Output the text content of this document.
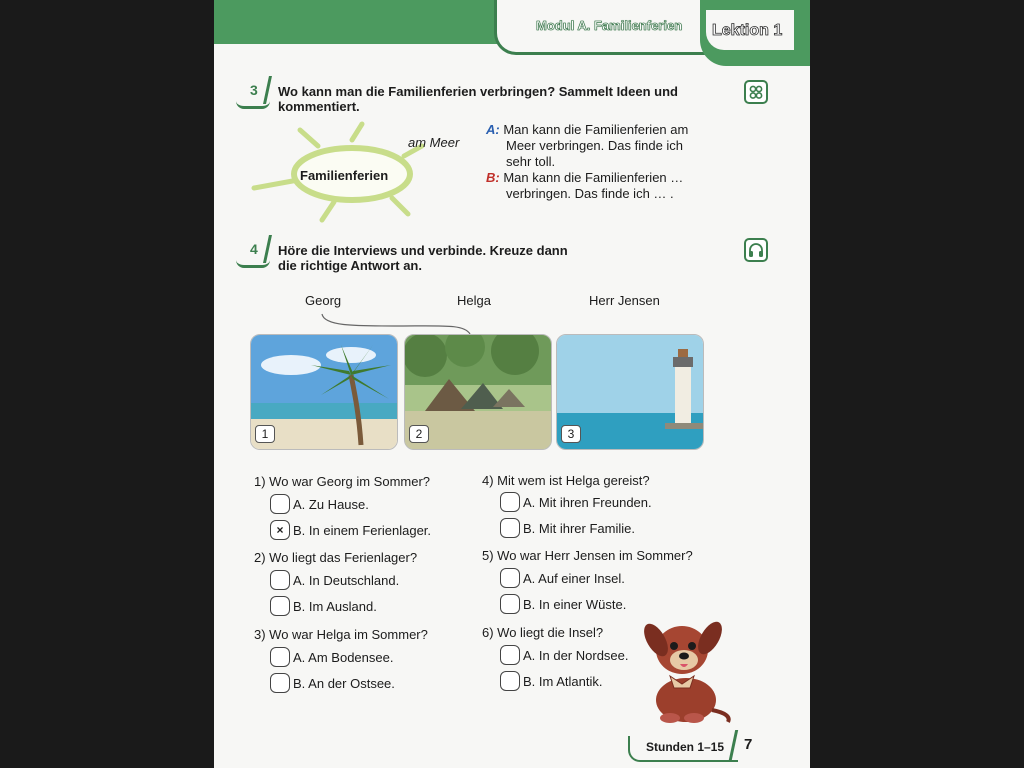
Modul A. Familienferien Lektion 1
3 Wo kann man die Familienferien verbringen? Sammelt Ideen und
kommentiert.
Familienferien
am Meer
A: Man kann die Familienferien am
Meer verbringen. Das finde ich
sehr toll.
B: Man kann die Familienferien …
verbringen. Das finde ich … .
4 Höre die Interviews und verbinde. Kreuze dann
die richtige Antwort an.
Georg	Helga	Herr Jensen
1	2	3
1) Wo war Georg im Sommer?
A. Zu Hause.
× B. In einem Ferienlager.
2) Wo liegt das Ferienlager?
A. In Deutschland.
B. Im Ausland.
3) Wo war Helga im Sommer?
A. Am Bodensee.
B. An der Ostsee.
4) Mit wem ist Helga gereist?
A. Mit ihren Freunden.
B. Mit ihrer Familie.
5) Wo war Herr Jensen im Sommer?
A. Auf einer Insel.
B. In einer Wüste.
6) Wo liegt die Insel?
A. In der Nordsee.
B. Im Atlantik.
Stunden 1–15 7
